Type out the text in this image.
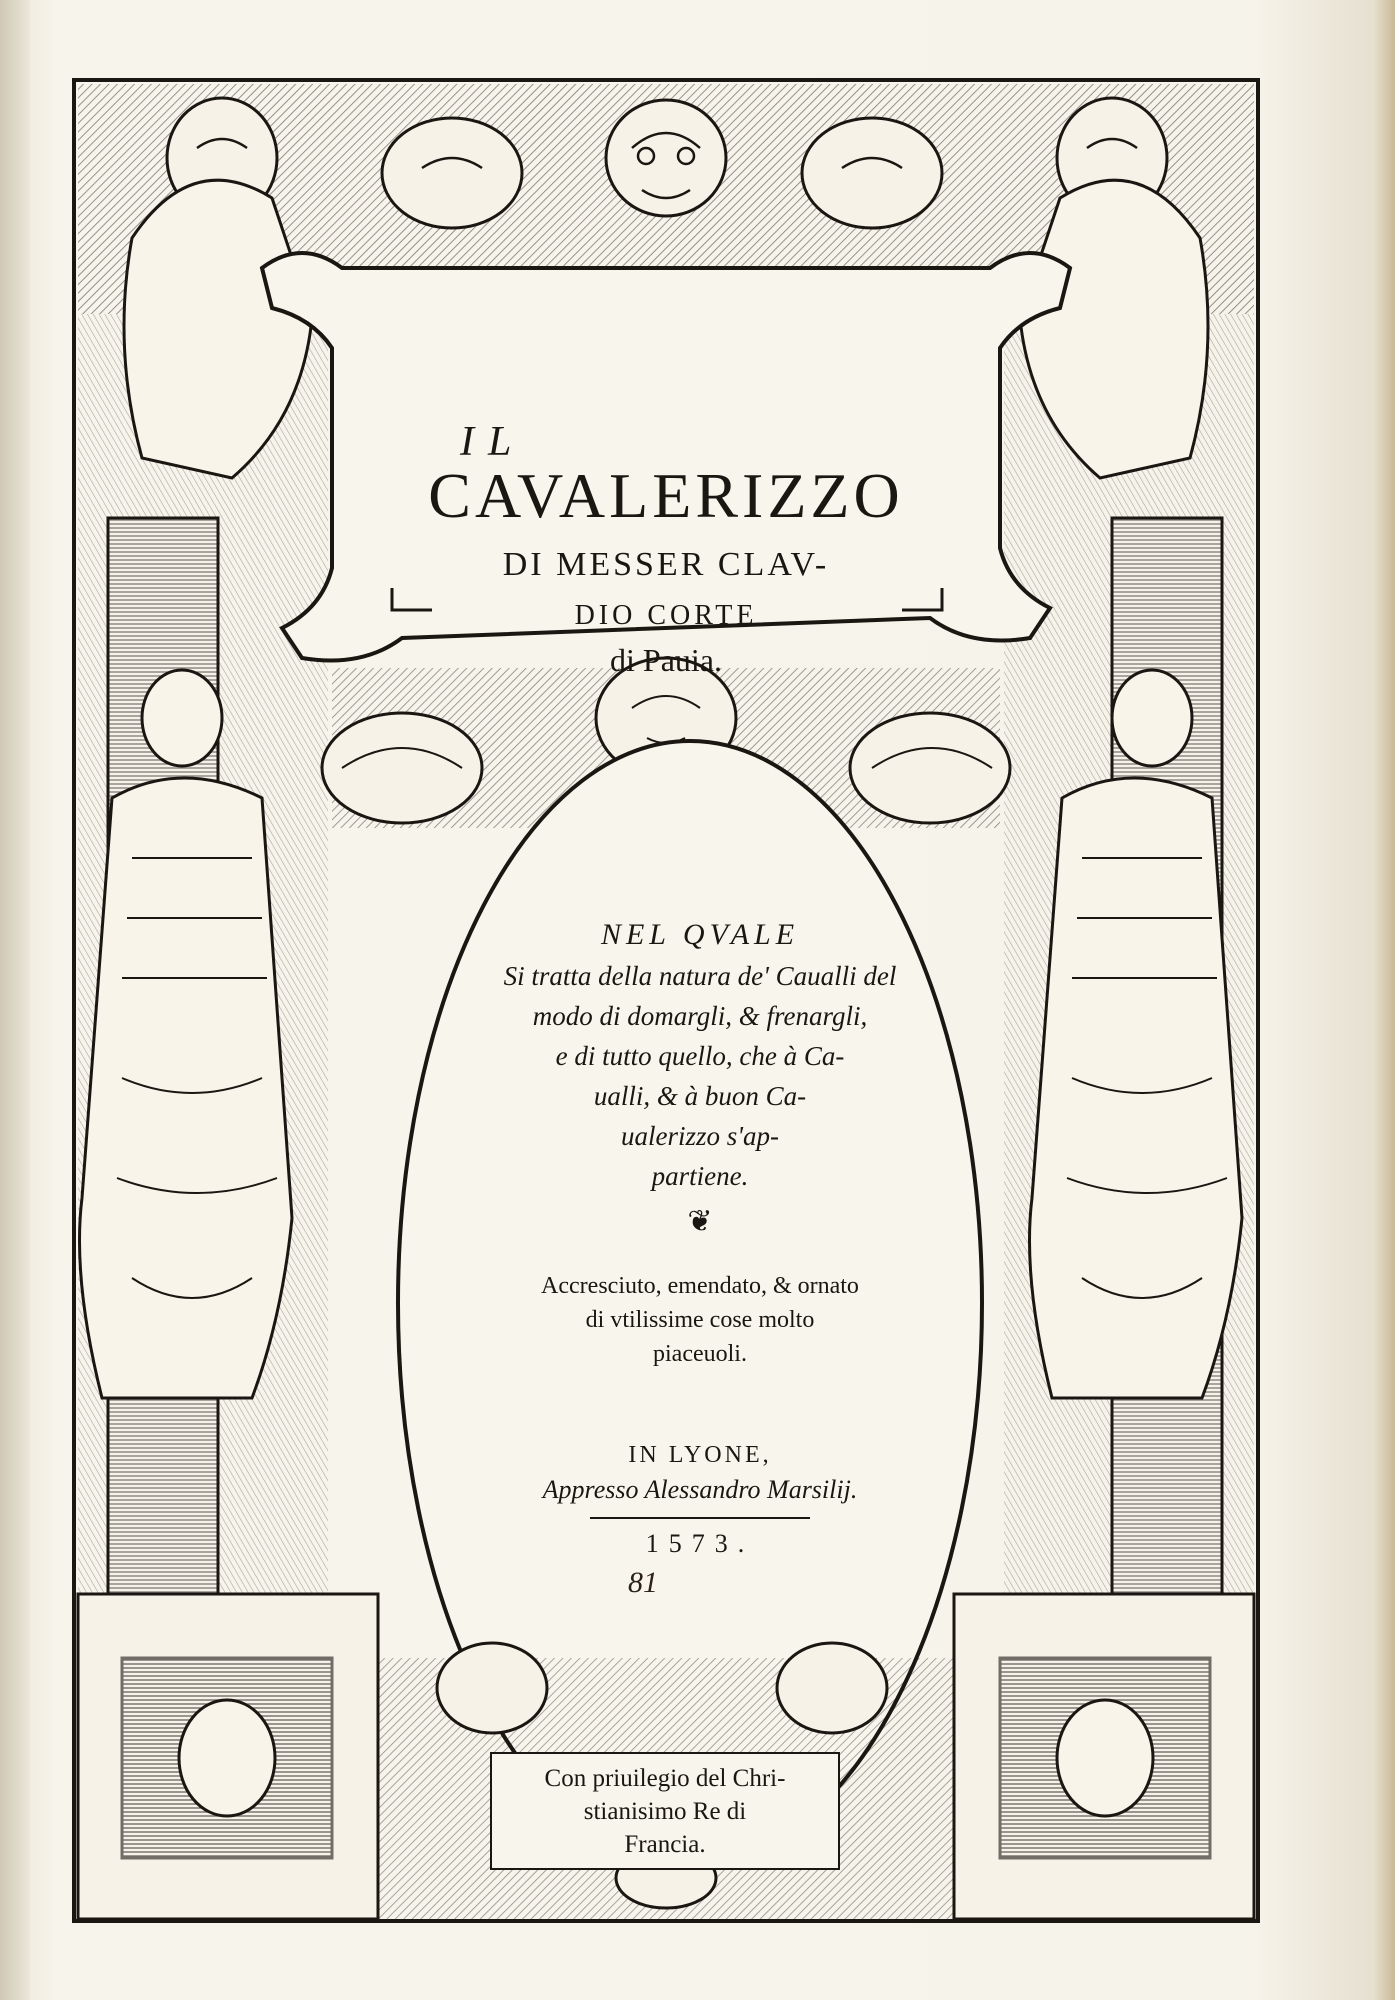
IL
CAVALERIZZO
DI MESSER CLAV-
DIO CORTE
di Pauia.
NEL QVALE

Si tratta della natura de' Caualli del

modo di domargli, & frenargli,

e di tutto quello, che à Ca-

ualli, & à buon Ca-

ualerizzo s'ap-

partiene.

❦

Accresciuto, emendato, & ornato

di vtilissime cose molto

piaceuoli.

IN LYONE,
Appresso Alessandro Marsilij.
1573.
81
Con priuilegio del Chri-
stianisimo Re di
Francia.
